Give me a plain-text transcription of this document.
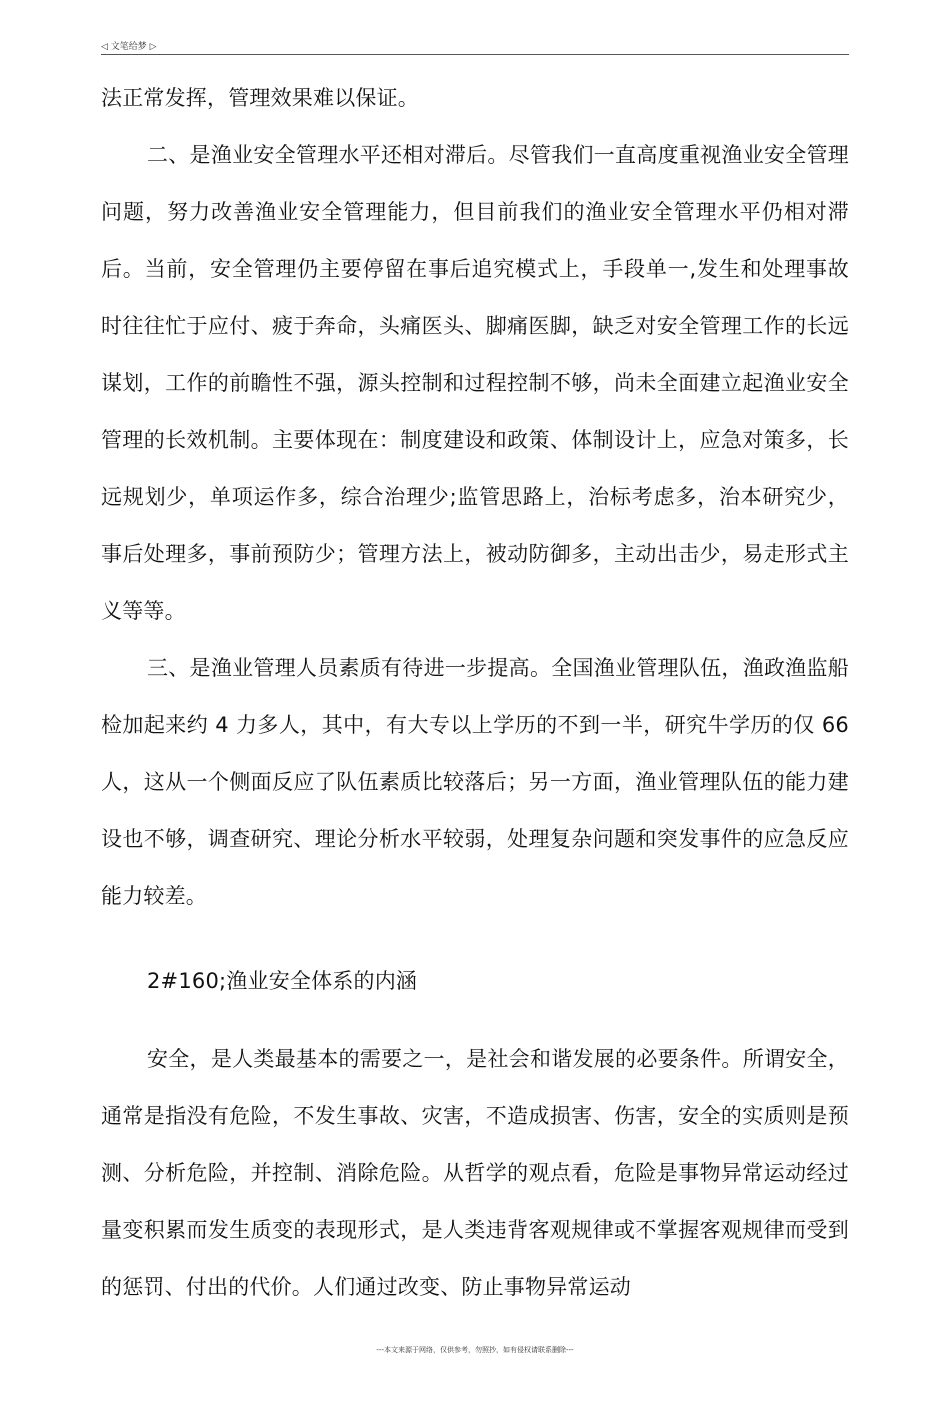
◁ 文笔给梦 ▷

法正常发挥，管理效果难以保证。

二、是渔业安全管理水平还相对滞后。尽管我们一直高度重视渔业安全管理问题，努力改善渔业安全管理能力，但目前我们的渔业安全管理水平仍相对滞后。当前，安全管理仍主要停留在事后追究模式上，手段单一,发生和处理事故时往往忙于应付、疲于奔命，头痛医头、脚痛医脚，缺乏对安全管理工作的长远谋划，工作的前瞻性不强，源头控制和过程控制不够，尚未全面建立起渔业安全管理的长效机制。主要体现在：制度建设和政策、体制设计上，应急对策多，长远规划少，单项运作多，综合治理少;监管思路上，治标考虑多，治本研究少，事后处理多，事前预防少；管理方法上，被动防御多，主动出击少，易走形式主义等等。

三、是渔业管理人员素质有待进一步提高。全国渔业管理队伍，渔政渔监船检加起来约 4 力多人，其中，有大专以上学历的不到一半，研究牛学历的仅 66 人，这从一个侧面反应了队伍素质比较落后；另一方面，渔业管理队伍的能力建设也不够，调查研究、理论分析水平较弱，处理复杂问题和突发事件的应急反应能力较差。

2#160;渔业安全体系的内涵

安全，是人类最基本的需要之一，是社会和谐发展的必要条件。所谓安全，通常是指没有危险，不发生事故、灾害，不造成损害、伤害，安全的实质则是预测、分析危险，并控制、消除危险。从哲学的观点看，危险是事物异常运动经过量变积累而发生质变的表现形式，是人类违背客观规律或不掌握客观规律而受到的惩罚、付出的代价。人们通过改变、防止事物异常运动

---本文来源于网络，仅供参考，勿照抄，如有侵权请联系删除---
